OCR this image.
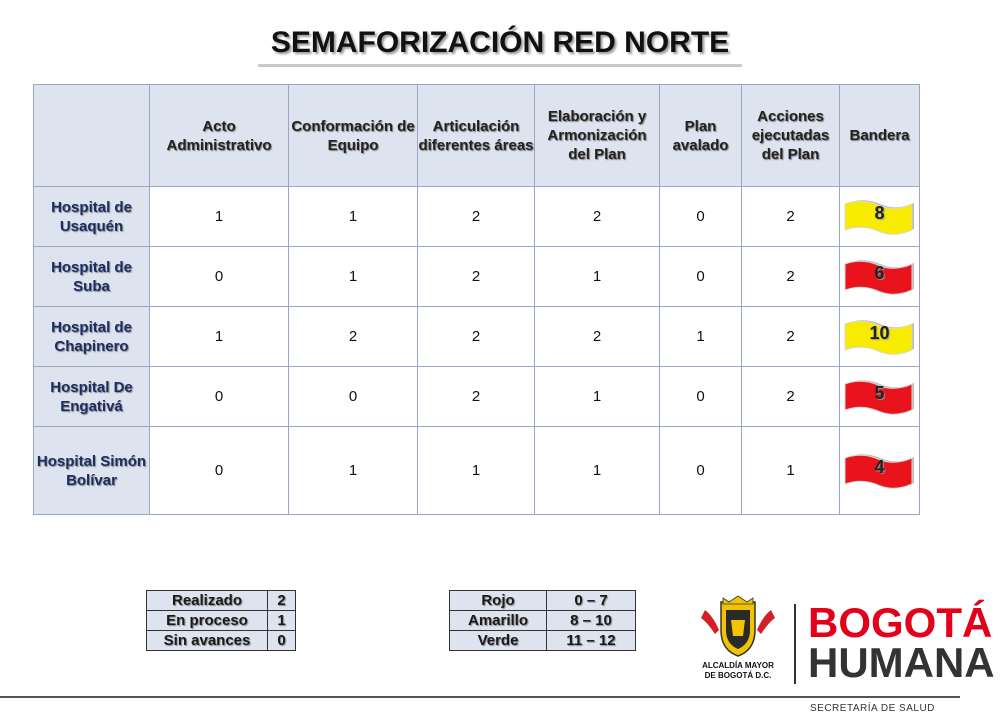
SEMAFORIZACIÓN RED NORTE
	Acto Administrativo	Conformación de Equipo	Articulación diferentes áreas	Elaboración y Armonización del Plan	Plan avalado	Acciones ejecutadas del Plan	Bandera
Hospital de Usaquén	1	1	2	2	0	2	8

Hospital de Suba	0	1	2	1	0	2	6

Hospital de Chapinero	1	2	2	2	1	2	10

Hospital De Engativá	0	0	2	1	0	2	5

Hospital Simón Bolívar	0	1	1	1	0	1	4
Realizado	2
En proceso	1
Sin avances	0
Rojo	0 – 7
Amarillo	8 – 10
Verde	11 – 12
ALCALDÍA MAYOR
DE BOGOTÁ D.C.
BOGOTÁ
HUMANA
SECRETARÍA DE SALUD
